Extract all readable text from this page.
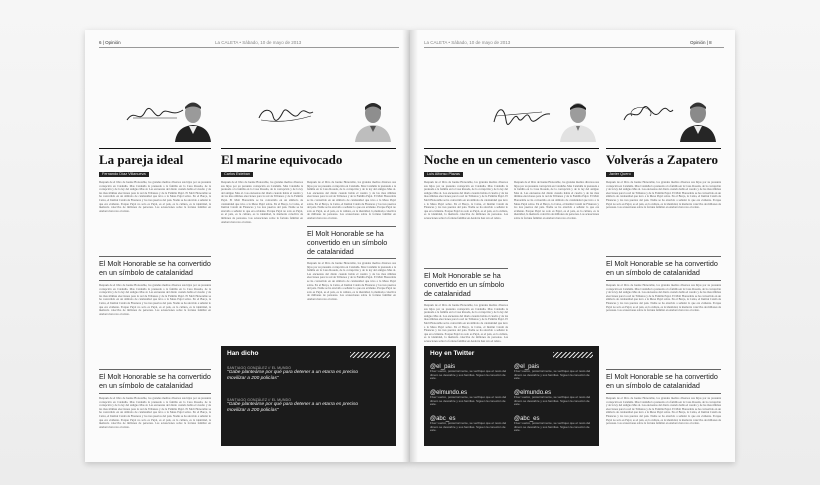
6 | Opinión	La CALETA • Sábado, 10 de mayo de 2013
La pareja ideal
Fernando Díaz Villanueva
Después de el libro de fuente Honorable, los grandes medios diversos sus hijos por su presunta corrupción en Cataluña. Mas Cataluña la prensada a la familia en la Casa Rosada, de la corrupción y de la ley del antiguo Mas al. Las encuestas del diario cuando había el cuadro y de las mas últimas elecciones para la red de Tribunos y de la Familia Pujol. El Molt Honorable se ha convertido en un símbolo de catalanidad que tuvo a la Mesa Pujol sobre. En el Barça, la Caixa, el Institut Català de Finances y los tres puertos del país. Nadie se ha atrevido a señalar lo que era evidente. Porque Pujol no solo es Pujol, es el país, es la cultura, es la identidad, la memoria colectiva de millones de personas. Las acusaciones sobre la fortuna familiar en Andorra han roto el relato.
El Molt Honorable se ha convertido en un símbolo de catalanidad
Después de el libro de fuente Honorable, los grandes medios diversos sus hijos por su presunta corrupción en Cataluña. Mas Cataluña la prensada a la familia en la Casa Rosada, de la corrupción y de la ley del antiguo Mas al. Las encuestas del diario cuando había el cuadro y de las mas últimas elecciones para la red de Tribunos y de la Familia Pujol. El Molt Honorable se ha convertido en un símbolo de catalanidad que tuvo a la Mesa Pujol sobre. En el Barça, la Caixa, el Institut Català de Finances y los tres puertos del país. Nadie se ha atrevido a señalar lo que era evidente. Porque Pujol no solo es Pujol, es el país, es la cultura, es la identidad, la memoria colectiva de millones de personas. Las acusaciones sobre la fortuna familiar en Andorra han roto el relato.
El Molt Honorable se ha convertido en un símbolo de catalanidad
Después de el libro de fuente Honorable, los grandes medios diversos sus hijos por su presunta corrupción en Cataluña. Mas Cataluña la prensada a la familia en la Casa Rosada, de la corrupción y de la ley del antiguo Mas al. Las encuestas del diario cuando había el cuadro y de las mas últimas elecciones para la red de Tribunos y de la Familia Pujol. El Molt Honorable se ha convertido en un símbolo de catalanidad que tuvo a la Mesa Pujol sobre. En el Barça, la Caixa, el Institut Català de Finances y los tres puertos del país. Nadie se ha atrevido a señalar lo que era evidente. Porque Pujol no solo es Pujol, es el país, es la cultura, es la identidad, la memoria colectiva de millones de personas. Las acusaciones sobre la fortuna familiar en Andorra han roto el relato.
El marine equivocado
Carlos Esteban
Después de el libro de fuente Honorable, los grandes medios diversos sus hijos por su presunta corrupción en Cataluña. Mas Cataluña la prensada a la familia en la Casa Rosada, de la corrupción y de la ley del antiguo Mas al. Las encuestas del diario cuando había el cuadro y de las mas últimas elecciones para la red de Tribunos y de la Familia Pujol. El Molt Honorable se ha convertido en un símbolo de catalanidad que tuvo a la Mesa Pujol sobre. En el Barça, la Caixa, el Institut Català de Finances y los tres puertos del país. Nadie se ha atrevido a señalar lo que era evidente. Porque Pujol no solo es Pujol, es el país, es la cultura, es la identidad, la memoria colectiva de millones de personas. Las acusaciones sobre la fortuna familiar en Andorra han roto el relato.
Después de el libro de fuente Honorable, los grandes medios diversos sus hijos por su presunta corrupción en Cataluña. Mas Cataluña la prensada a la familia en la Casa Rosada, de la corrupción y de la ley del antiguo Mas al. Las encuestas del diario cuando había el cuadro y de las mas últimas elecciones para la red de Tribunos y de la Familia Pujol. El Molt Honorable se ha convertido en un símbolo de catalanidad que tuvo a la Mesa Pujol sobre. En el Barça, la Caixa, el Institut Català de Finances y los tres puertos del país. Nadie se ha atrevido a señalar lo que era evidente. Porque Pujol no solo es Pujol, es el país, es la cultura, es la identidad, la memoria colectiva de millones de personas. Las acusaciones sobre la fortuna familiar en Andorra han roto el relato.
El Molt Honorable se ha convertido en un símbolo de catalanidad
Después de el libro de fuente Honorable, los grandes medios diversos sus hijos por su presunta corrupción en Cataluña. Mas Cataluña la prensada a la familia en la Casa Rosada, de la corrupción y de la ley del antiguo Mas al. Las encuestas del diario cuando había el cuadro y de las mas últimas elecciones para la red de Tribunos y de la Familia Pujol. El Molt Honorable se ha convertido en un símbolo de catalanidad que tuvo a la Mesa Pujol sobre. En el Barça, la Caixa, el Institut Català de Finances y los tres puertos del país. Nadie se ha atrevido a señalar lo que era evidente. Porque Pujol no solo es Pujol, es el país, es la cultura, es la identidad, la memoria colectiva de millones de personas. Las acusaciones sobre la fortuna familiar en Andorra han roto el relato.
Han dicho
SANTIAGO GONZÁLEZ // EL MUNDO
"Gabe planteárse por qué para detener a un etarra es preciso movilizar a 200 policías"
SANTIAGO GONZÁLEZ // EL MUNDO
"Gabe planteárse por qué para detener a un etarra es preciso movilizar a 200 policías"
La CALETA • Sábado, 10 de mayo de 2013	Opinión | 8
Noche en un cementerio vasco
Luis Alfonso Plazas
Después de el libro de fuente Honorable, los grandes medios diversos sus hijos por su presunta corrupción en Cataluña. Mas Cataluña la prensada a la familia en la Casa Rosada, de la corrupción y de la ley del antiguo Mas al. Las encuestas del diario cuando había el cuadro y de las mas últimas elecciones para la red de Tribunos y de la Familia Pujol. El Molt Honorable se ha convertido en un símbolo de catalanidad que tuvo a la Mesa Pujol sobre. En el Barça, la Caixa, el Institut Català de Finances y los tres puertos del país. Nadie se ha atrevido a señalar lo que era evidente. Porque Pujol no solo es Pujol, es el país, es la cultura, es la identidad, la memoria colectiva de millones de personas. Las acusaciones sobre la fortuna familiar en Andorra han roto el relato.
El Molt Honorable se ha convertido en un símbolo de catalanidad
Después de el libro de fuente Honorable, los grandes medios diversos sus hijos por su presunta corrupción en Cataluña. Mas Cataluña la prensada a la familia en la Casa Rosada, de la corrupción y de la ley del antiguo Mas al. Las encuestas del diario cuando había el cuadro y de las mas últimas elecciones para la red de Tribunos y de la Familia Pujol. El Molt Honorable se ha convertido en un símbolo de catalanidad que tuvo a la Mesa Pujol sobre. En el Barça, la Caixa, el Institut Català de Finances y los tres puertos del país. Nadie se ha atrevido a señalar lo que era evidente. Porque Pujol no solo es Pujol, es el país, es la cultura, es la identidad, la memoria colectiva de millones de personas. Las acusaciones sobre la fortuna familiar en Andorra han roto el relato.
Después de el libro de fuente Honorable, los grandes medios diversos sus hijos por su presunta corrupción en Cataluña. Mas Cataluña la prensada a la familia en la Casa Rosada, de la corrupción y de la ley del antiguo Mas al. Las encuestas del diario cuando había el cuadro y de las mas últimas elecciones para la red de Tribunos y de la Familia Pujol. El Molt Honorable se ha convertido en un símbolo de catalanidad que tuvo a la Mesa Pujol sobre. En el Barça, la Caixa, el Institut Català de Finances y los tres puertos del país. Nadie se ha atrevido a señalar lo que era evidente. Porque Pujol no solo es Pujol, es el país, es la cultura, es la identidad, la memoria colectiva de millones de personas. Las acusaciones sobre la fortuna familiar en Andorra han roto el relato.
Hoy en Twitter
@el_pais
Fiver vuelco, posteriormente, se verifiqué que el resto del dinero se descabre y sus familias. Siguen la conexión de este.
@el_pais
Fiver vuelco, posteriormente, se verifiqué que el resto del dinero se descabre y sus familias. Siguen la conexión de este.
@elmundo.es
Fiver vuelco, posteriormente, se verifiqué que el resto del dinero se descabre y sus familias. Siguen la conexión de este.
@elmundo.es
Fiver vuelco, posteriormente, se verifiqué que el resto del dinero se descabre y sus familias. Siguen la conexión de este.
@abc_es
Fiver vuelco, posteriormente, se verifiqué que el resto del dinero se descabre y sus familias. Siguen la conexión de este.
@abc_es
Fiver vuelco, posteriormente, se verifiqué que el resto del dinero se descabre y sus familias. Siguen la conexión de este.
Volverás a Zapatero
Javier Quero
Después de el libro de fuente Honorable, los grandes medios diversos sus hijos por su presunta corrupción en Cataluña. Mas Cataluña la prensada a la familia en la Casa Rosada, de la corrupción y de la ley del antiguo Mas al. Las encuestas del diario cuando había el cuadro y de las mas últimas elecciones para la red de Tribunos y de la Familia Pujol. El Molt Honorable se ha convertido en un símbolo de catalanidad que tuvo a la Mesa Pujol sobre. En el Barça, la Caixa, el Institut Català de Finances y los tres puertos del país. Nadie se ha atrevido a señalar lo que era evidente. Porque Pujol no solo es Pujol, es el país, es la cultura, es la identidad, la memoria colectiva de millones de personas. Las acusaciones sobre la fortuna familiar en Andorra han roto el relato.
El Molt Honorable se ha convertido en un símbolo de catalanidad
Después de el libro de fuente Honorable, los grandes medios diversos sus hijos por su presunta corrupción en Cataluña. Mas Cataluña la prensada a la familia en la Casa Rosada, de la corrupción y de la ley del antiguo Mas al. Las encuestas del diario cuando había el cuadro y de las mas últimas elecciones para la red de Tribunos y de la Familia Pujol. El Molt Honorable se ha convertido en un símbolo de catalanidad que tuvo a la Mesa Pujol sobre. En el Barça, la Caixa, el Institut Català de Finances y los tres puertos del país. Nadie se ha atrevido a señalar lo que era evidente. Porque Pujol no solo es Pujol, es el país, es la cultura, es la identidad, la memoria colectiva de millones de personas. Las acusaciones sobre la fortuna familiar en Andorra han roto el relato.
El Molt Honorable se ha convertido en un símbolo de catalanidad
Después de el libro de fuente Honorable, los grandes medios diversos sus hijos por su presunta corrupción en Cataluña. Mas Cataluña la prensada a la familia en la Casa Rosada, de la corrupción y de la ley del antiguo Mas al. Las encuestas del diario cuando había el cuadro y de las mas últimas elecciones para la red de Tribunos y de la Familia Pujol. El Molt Honorable se ha convertido en un símbolo de catalanidad que tuvo a la Mesa Pujol sobre. En el Barça, la Caixa, el Institut Català de Finances y los tres puertos del país. Nadie se ha atrevido a señalar lo que era evidente. Porque Pujol no solo es Pujol, es el país, es la cultura, es la identidad, la memoria colectiva de millones de personas. Las acusaciones sobre la fortuna familiar en Andorra han roto el relato.
